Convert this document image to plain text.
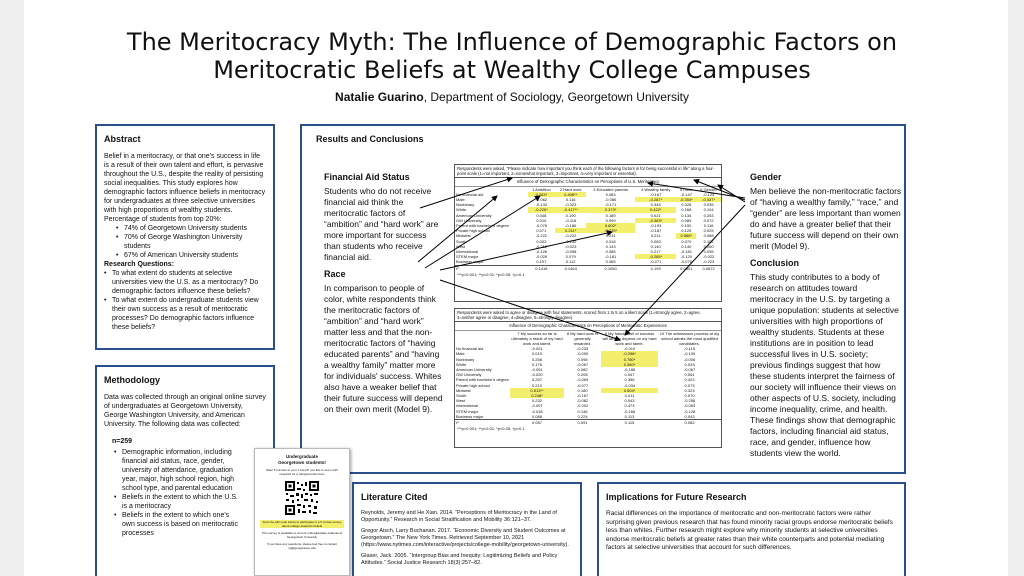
The Meritocracy Myth: The Influence of Demographic Factors on
Meritocratic Beliefs at Wealthy College Campuses
Natalie Guarino, Department of Sociology, Georgetown University
Abstract
Belief in a meritocracy, or that one's success in life is a result of their own talent and effort, is pervasive throughout the U.S., despite the reality of persisting social inequalities. This study explores how demographic factors influence beliefs in meritocracy for undergraduates at three selective universities with high proportions of wealthy students.
Percentage of students from top 20%:
• 74% of Georgetown University students
• 70% of George Washington University students
• 67% of American University students
Research Questions:
• To what extent do students at selective universities view the U.S. as a meritocracy? Do demographic factors influence these beliefs?
• To what extent do undergraduate students view their own success as a result of meritocratic processes? Do demographic factors influence these beliefs?
Methodology
Data was collected through an original online survey of undergraduates at Georgetown University, George Washington University, and American University. The following data was collected:
n=259
• Demographic information, including financial aid status, race, gender, university of attendance, graduation year, major, high school region, high school type, and parental education
• Beliefs in the extent to which the U.S. is a meritocracy
• Beliefs in the extent to which one's own success is based on meritocratic processes
Results and Conclusions
Financial Aid Status
Students who do not receive financial aid think the meritocratic factors of “ambition” and “hard work” are more important for success than students who receive financial aid.
Race
In comparison to people of color, white respondents think the meritocratic factors of “ambition” and “hard work” matter less and that the non-meritocratic factors of “having educated parents” and “having a wealthy family” matter more for individuals' success. Whites also have a weaker belief that their future success will depend on their own merit (Model 9).
Gender
Men believe the non-meritocratic factors of “having a wealthy family,” “race,” and “gender” are less important than women do and have a greater belief that their future success will depend on their own merit (Model 9).
Conclusion
This study contributes to a body of research on attitudes toward meritocracy in the U.S. by targeting a unique population: students at selective universities with high proportions of wealthy students. Students at these institutions are in position to lead successful lives in U.S. society; previous findings suggest that how these students interpret the fairness of our society will influence their views on other aspects of U.S. society, including income inequality, crime, and health. These findings show that demographic factors, including financial aid status, race, and gender, influence how students view the world.
Respondents were asked, “Please indicate how important you think each of the following factors is for being successful in life” along a four-point scale (1=not important, 2=somewhat important, 3=important, 4=very important or essential).
Influence of Demographic Characteristics on Perceptions of U.S. Meritocracy
	1 Ambition	2 Hard work	3 Educated parents	4 Wealthy family	5 Race	6 Gender
No financial aid	0.263*	0.408**	0.083	-0.167	-0.147	-0.123
Male	-0.062	0.116	-0.086	-0.287*	-0.354*	-0.337*
Nonbinary	-0.133	-0.323	-0.171	0.345	0.028	0.035
White	-0.226*	-0.417**	0.373*	0.422*	0.168	0.104
American University	0.048	0.190	0.189	0.021	0.134	0.253
GW University	0.010	-0.116	0.099	-0.363*	0.089	0.072
Parent with bachelor's degree	-0.076	-0.186	0.602*	-0.193	0.150	0.116
Private high school	0.071	0.211*	-0.279*	-0.187	0.125	0.025
Midwest	-0.222	-0.222	0.211	0.211	0.568*	0.088
South	0.003	-0.132	0.018	0.083	0.070	0.102
West	-0.212	-0.023	0.143	0.140	0.140	0.000
International	-0.126	-0.098	0.085	0.217	-0.181	0.095
STEM major	-0.029	0.079	-0.181	-0.265*	-0.120	-0.022
Business major	0.107	0.112	0.065	-0.271	-0.075	-0.223
r²	0.1418	0.1464	0.1050	0.193	0.0801	0.0672
***p<0.001; **p<0.01; *p<0.05; †p<0.1
Respondents were asked to agree or disagree with four statements, scored from 1 to 5 on a likert scale (1=strongly agree, 2=agree, 3=neither agree or disagree, 4=disagree, 5=strongly disagree).
Influence of Demographic Characteristics on Perceptions of Meritocratic Experiences
	7 My success so far is ultimately a result of my hard work and talent.	8 My hard work is generally rewarded.	9 My future level of success will largely depend on my hard work and talent.	10 The admissions process at my school admits the most qualified candidates.
No financial aid	-0.021	-0.233	-0.010	-0.115
Male	0.010	-0.090	-0.296*	-0.109
Nonbinary	0.258	0.098	0.780*	-0.006
White	0.176	-0.067	0.360*	0.033
American University	-0.051	0.082	-0.186	-0.067
GW University	-0.020	0.208	0.047	0.061
Parent with bachelor's degree	0.257	-0.069	0.356	0.423
Private high school	0.210	-0.077	-0.034	0.073
Midwest	0.513**	0.180	0.504*	0.323
South	0.248*	-0.167	0.011	0.070
West	0.232	-0.082	0.043	-0.256
International	-0.007	-0.202	0.473	-0.083
STEM major	-0.018	0.146	-0.166	-0.128
Business major	0.088	0.224	0.113	0.043
r²	0.087	0.091	0.115	0.082
***p<0.001; **p<0.01; *p<0.05; †p<0.1
Undergraduate
Georgetown students!
Want 5 minutes to your 1 friend? you like to see it with research for a rating/sounds here!
Scan the QR code below to participate in a 5 minute survey about college student's beliefs
This survey is available to current undergraduate students at Georgetown University
If you have any questions, please feel free to contact ng@georgetown.edu
Literature Cited
Reynolds, Jeremy and He Xian. 2014. “Perceptions of Meritocracy in the Land of Opportunity.” Research in Social Stratification and Mobility 36:121–37.
Gregor Aisch, Larry Buchanan. 2017. “Economic Diversity and Student Outcomes at Georgetown.” The New York Times. Retrieved September 10, 2021 (https://www.nytimes.com/interactive/projects/college-mobility/georgetown-university).
Glaser, Jack. 2005. “Intergroup Bias and Inequity: Legitimizing Beliefs and Policy Attitudes.” Social Justice Research 18(3):257–82.
Implications for Future Research
Racial differences on the importance of meritocratic and non-meritocratic factors were rather surprising given previous research that has found minority racial groups endorse meritocratic beliefs less than whites. Further research might explore why minority students at selective universities endorse meritocratic beliefs at greater rates than their white counterparts and potential mediating factors at selective universities that account for such differences.
